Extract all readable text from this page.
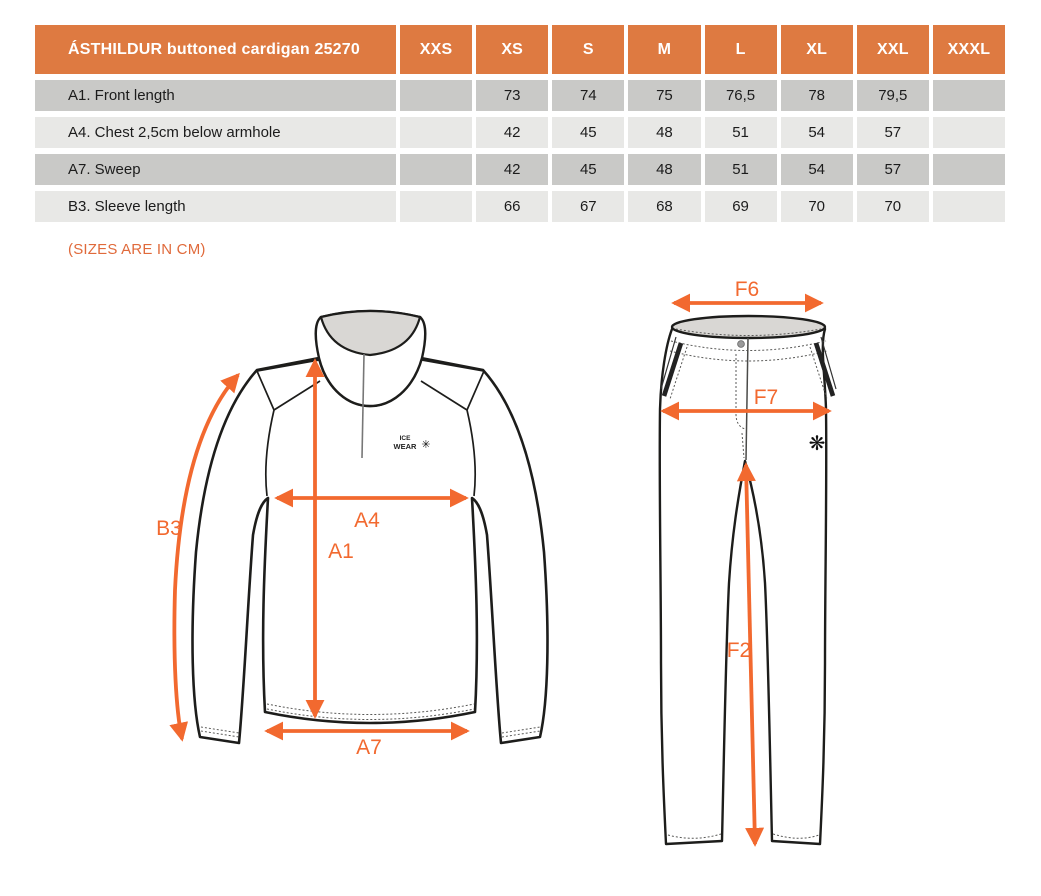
ÁSTHILDUR buttoned cardigan 25270	XXS	XS	S	M	L	XL	XXL	XXXL
A1. Front length		73	74	75	76,5	78	79,5	
A4. Chest 2,5cm below armhole		42	45	48	51	54	57	
A7. Sweep		42	45	48	51	54	57	
B3. Sleeve length		66	67	68	69	70	70	
(SIZES ARE IN CM)
ICE
WEAR ✳
B3
A1
A4
A7
❋
F6
F7
F2
